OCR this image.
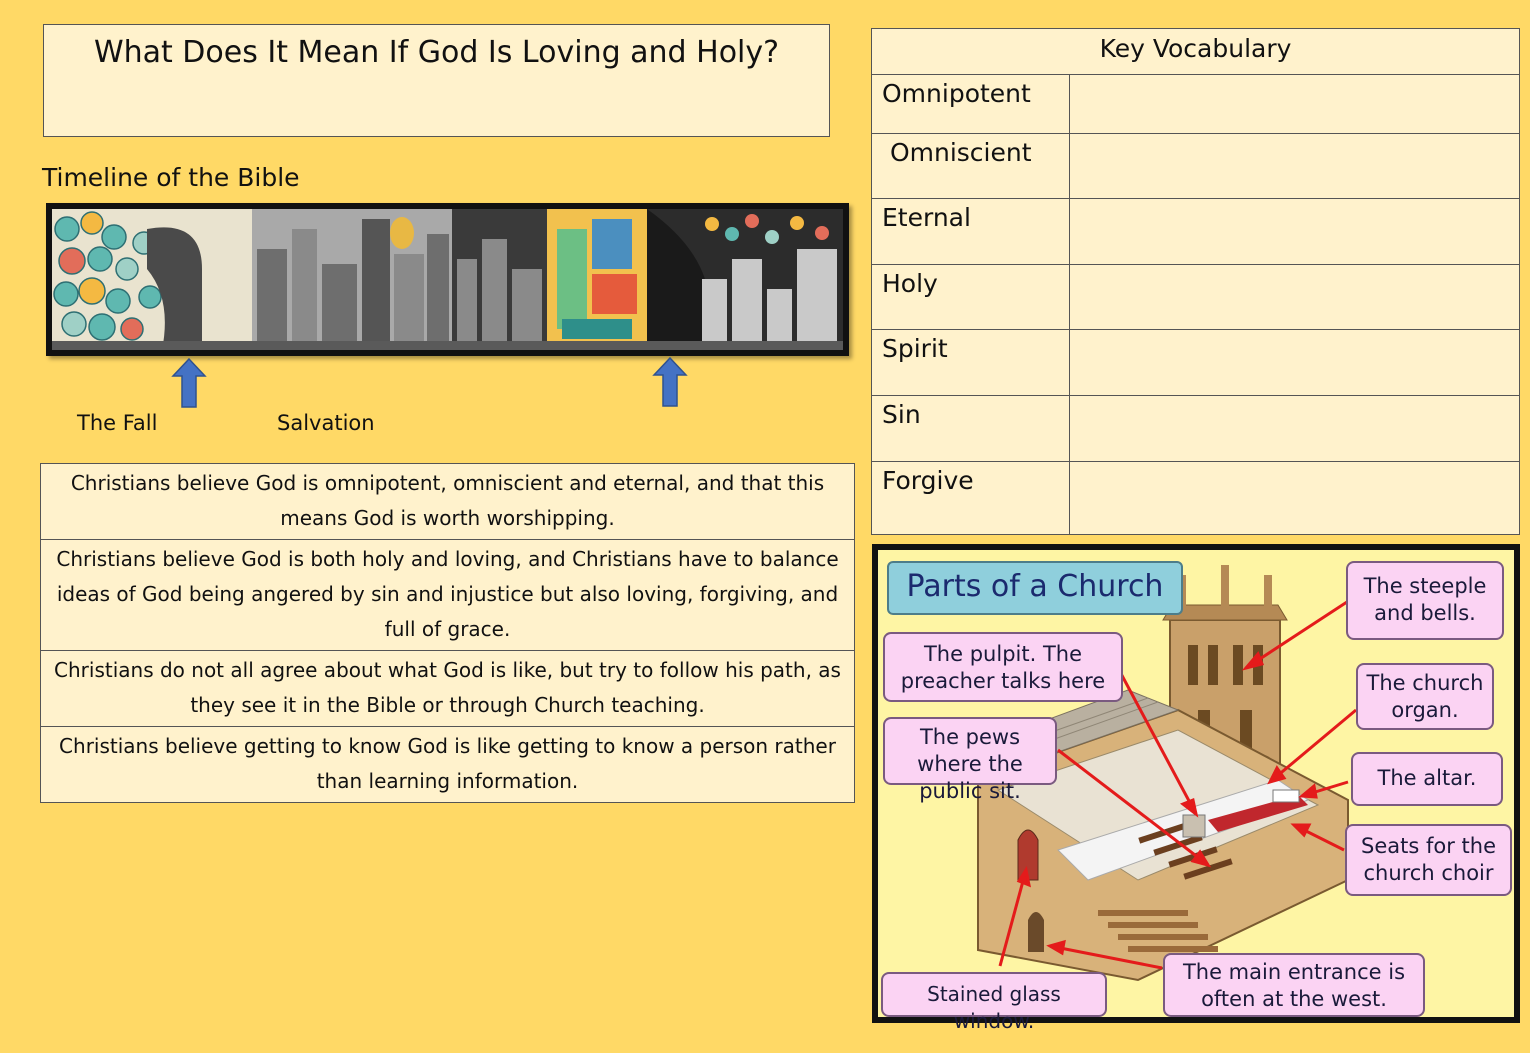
What Does It Mean If God Is Loving and Holy?
Timeline of the Bible
The Fall	Salvation
Christians believe God is omnipotent, omniscient and eternal, and that this means God is worth worshipping.
Christians believe God is both holy and loving, and Christians have to balance ideas of God being angered by sin and injustice but also loving, forgiving, and full of grace.
Christians do not all agree about what God is like, but try to follow his path, as they see it in the Bible or through Church teaching.
Christians believe getting to know God is like getting to know a person rather than learning information.
Key Vocabulary	
Omnipotent	
Omniscient	
Eternal	
Holy	
Spirit	
Sin	
Forgive	
Parts of a Church	The steeple and bells.
The pulpit. The preacher talks here	The church organ.
The pews where the public sit.
The altar.
Seats for the church choir
Stained glass window.
The main entrance is often at the west.
